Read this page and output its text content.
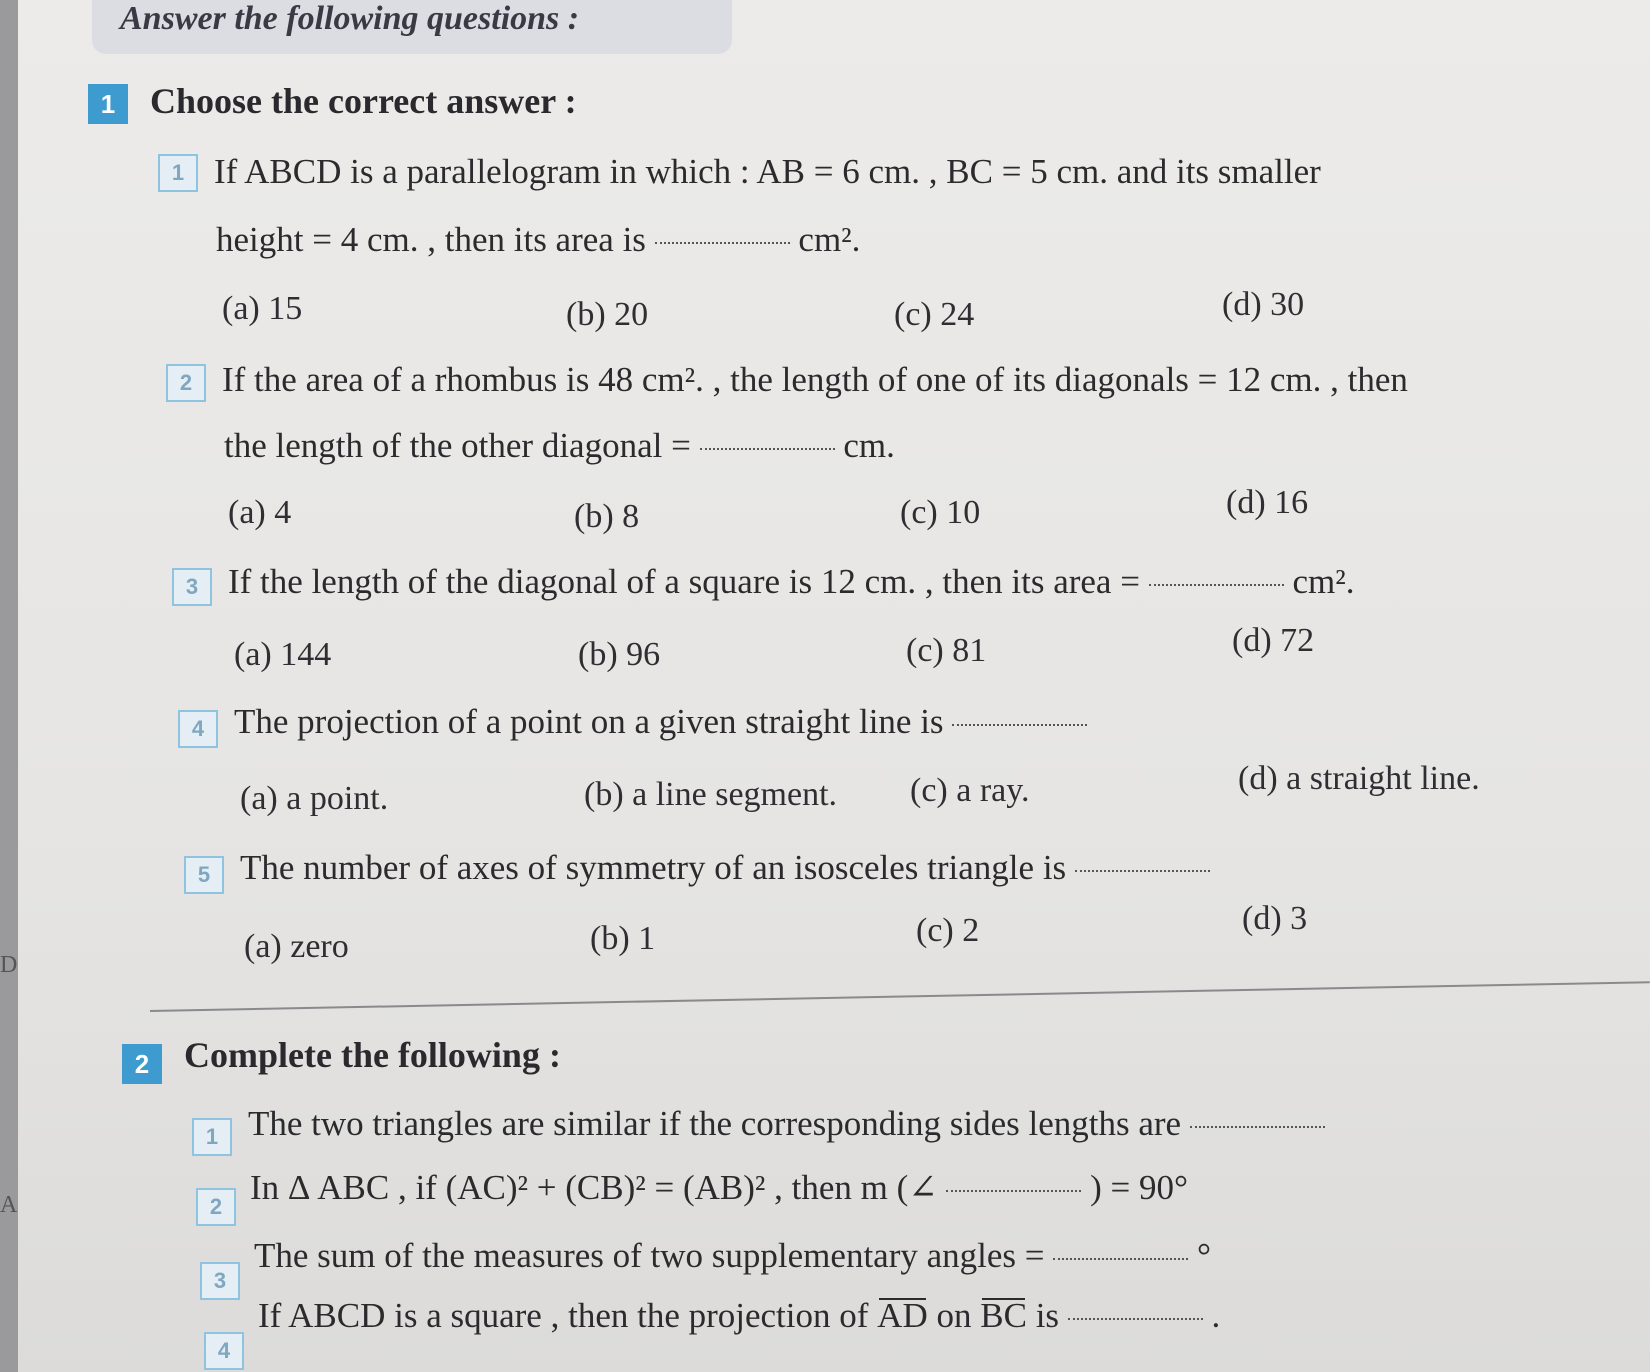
D
A
Answer the following questions :
1 Choose the correct answer :
1 If ABCD is a parallelogram in which : AB = 6 cm. , BC = 5 cm. and its smaller
height = 4 cm. , then its area is	cm².
(a) 15	(b) 20	(c) 24	(d) 30
2 If the area of a rhombus is 48 cm². , the length of one of its diagonals = 12 cm. , then
the length of the other diagonal =	cm.
(a) 4	(b) 8	(c) 10	(d) 16
3 If the length of the diagonal of a square is 12 cm. , then its area =	cm².
(a) 144	(b) 96	(c) 81	(d) 72
4 The projection of a point on a given straight line is
(a) a point.	(b) a line segment. (c) a ray.	(d) a straight line.
5 The number of axes of symmetry of an isosceles triangle is
(a) zero	(b) 1	(c) 2	(d) 3
2 Complete the following :
1 The two triangles are similar if the corresponding sides lengths are
2 In Δ ABC , if (AC)² + (CB)² = (AB)² , then m (∠	) = 90°
3
The sum of the measures of two supplementary angles =	°
4
If ABCD is a square , then the projection of AD on BC is	.
